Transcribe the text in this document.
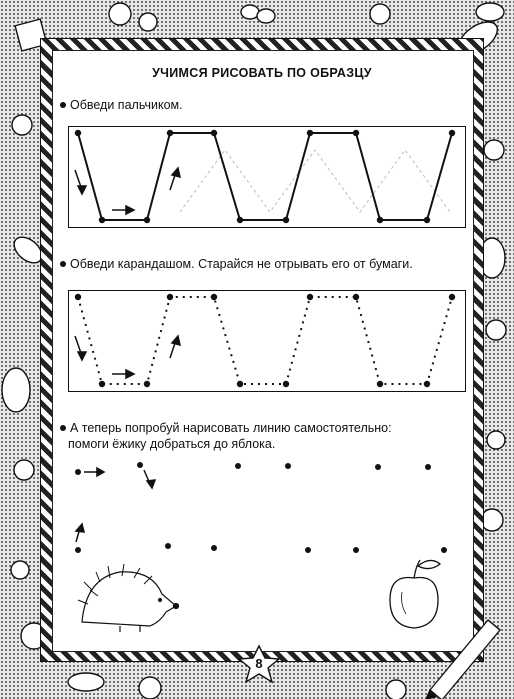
УЧИМСЯ РИСОВАТЬ ПО ОБРАЗЦУ
Обведи пальчиком.
Обведи карандашом. Старайся не отрывать его от бумаги.
А теперь попробуй нарисовать линию самостоятельно:
помоги ёжику добраться до яблока.
8
